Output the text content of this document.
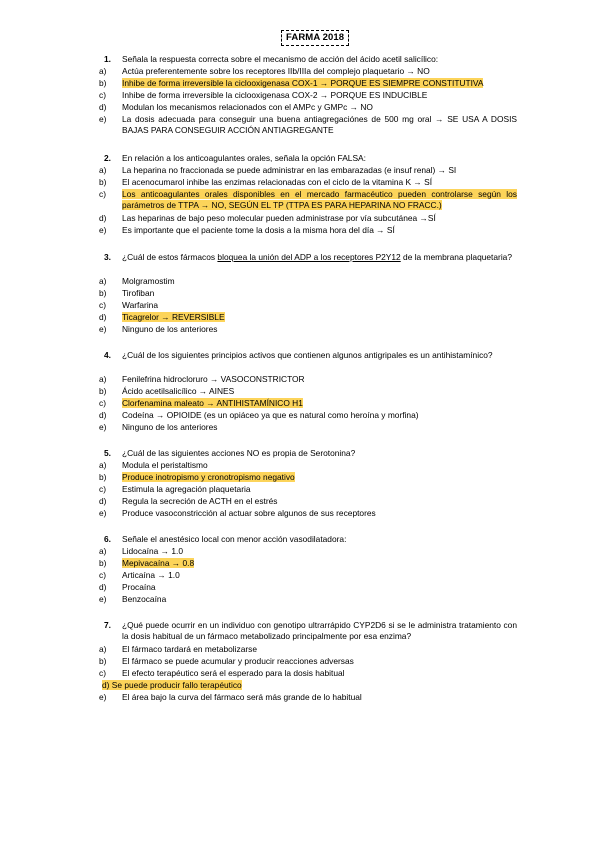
FARMA 2018
1. Señala la respuesta correcta sobre el mecanismo de acción del ácido acetil salicílico:
a) Actúa preferentemente sobre los receptores IIb/IIIa del complejo plaquetario → NO
b) Inhibe de forma irreversible la ciclooxigenasa COX-1 → PORQUE ES SIEMPRE CONSTITUTIVA
c) Inhibe de forma irreversible la ciclooxigenasa COX-2 → PORQUE ES INDUCIBLE
d) Modulan los mecanismos relacionados con el AMPc y GMPc → NO
e) La dosis adecuada para conseguir una buena antiagregaciónes de 500 mg oral → SE USA A DOSIS BAJAS PARA CONSEGUIR ACCIÓN ANTIAGREGANTE
2. En relación a los anticoagulantes orales, señala la opción FALSA:
a) La heparina no fraccionada se puede administrar en las embarazadas (e insuf renal) → SI
b) El acenocumarol inhibe las enzimas relacionadas con el ciclo de la vitamina K → SÍ
c) Los anticoagulantes orales disponibles en el mercado farmacéutico pueden controlarse según los parámetros de TTPA → NO, SEGÚN EL TP (TTPA ES PARA HEPARINA NO FRACC.)
d) Las heparinas de bajo peso molecular pueden administrase por vía subcutánea →SÍ
e) Es importante que el paciente tome la dosis a la misma hora del día → SÍ
3. ¿Cuál de estos fármacos bloquea la unión del ADP a los receptores P2Y12 de la membrana plaquetaria?
a) Molgramostim
b) Tirofiban
c) Warfarina
d) Ticagrelor → REVERSIBLE
e) Ninguno de los anteriores
4. ¿Cuál de los siguientes principios activos que contienen algunos antigripales es un antihistamínico?
a) Fenilefrina hidrocloruro → VASOCONSTRICTOR
b) Ácido acetilsalicílico → AINES
c) Clorfenamina maleato → ANTIHISTAMÍNICO H1
d) Codeína → OPIOIDE (es un opiáceo ya que es natural como heroína y morfina)
e) Ninguno de los anteriores
5. ¿Cuál de las siguientes acciones NO es propia de Serotonina?
a) Modula el peristaltismo
b) Produce inotropismo y cronotropismo negativo
c) Estimula la agregación plaquetaria
d) Regula la secreción de ACTH en el estrés
e) Produce vasoconstricción al actuar sobre algunos de sus receptores
6. Señale el anestésico local con menor acción vasodilatadora:
a) Lidocaína → 1.0
b) Mepivacaína → 0.8
c) Articaína → 1.0
d) Procaína
e) Benzocaína
7. ¿Qué puede ocurrir en un individuo con genotipo ultrarrápido CYP2D6 si se le administra tratamiento con la dosis habitual de un fármaco metabolizado principalmente por esa enzima?
a) El fármaco tardará en metabolizarse
b) El fármaco se puede acumular y producir reacciones adversas
c) El efecto terapéutico será el esperado para la dosis habitual
d) Se puede producir fallo terapéutico
e) El área bajo la curva del fármaco será más grande de lo habitual
